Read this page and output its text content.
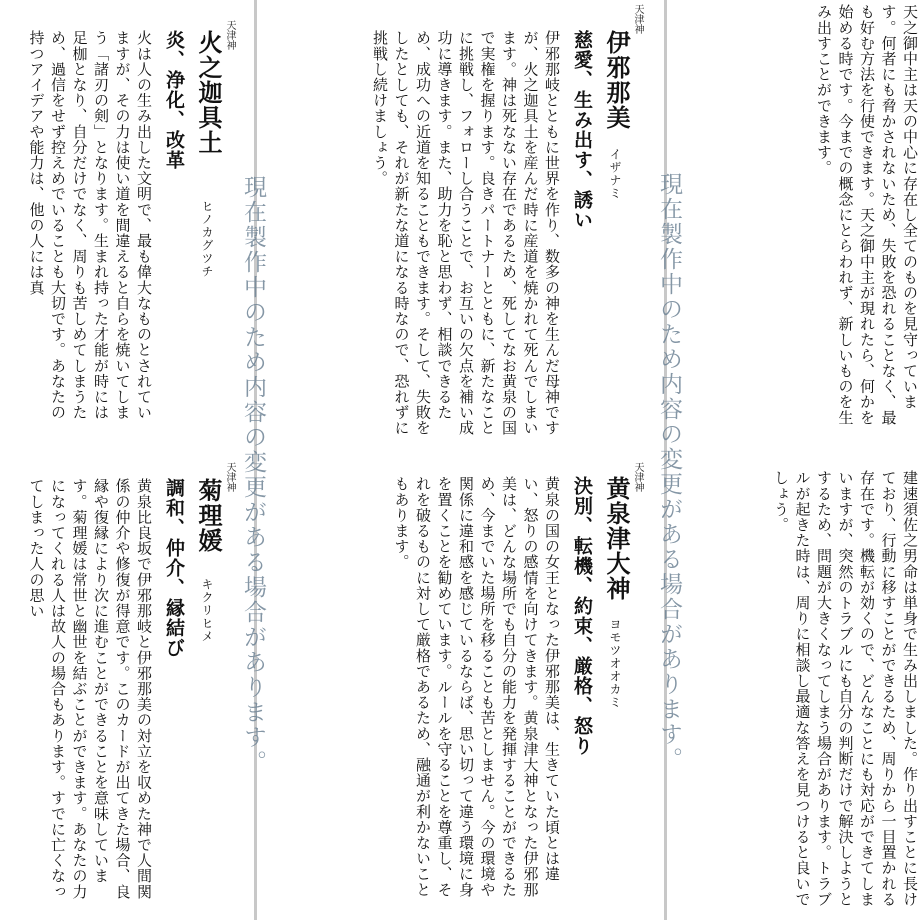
天之御中主は天の中心に存在し全てのものを見守っています。何者にも脅かされないため、失敗を恐れることなく、最も好む方法を行使できます。天之御中主が現れたら、何かを始める時です。今までの概念にとらわれず、新しいものを生み出すことができます。

建速須佐之男命は単身で生み出しました。作り出すことに長けており、行動に移すことができるため、周りから一目置かれる存在です。機転が効くので、どんなことにも対応ができてしまいますが、突然のトラブルにも自分の判断だけで解決しようとするため、問題が大きくなってしまう場合があります。トラブルが起きた時は、周りに相談し最適な答えを見つけると良いでしょう。

天津神
伊邪那美
イザナミ
慈愛、生み出す、誘い

伊邪那岐とともに世界を作り、数多の神を生んだ母神ですが、火之迦具土を産んだ時に産道を焼かれて死んでしまいます。神は死なない存在であるため、死してなお黄泉の国で実権を握ります。良きパートナーとともに、新たなことに挑戦し、フォローし合うことで、お互いの欠点を補い成功に導きます。また、助力を恥と思わず、相談できるため、成功への近道を知ることもできます。そして、失敗をしたとしても、それが新たな道になる時なので、恐れずに挑戦し続けましょう。

天津神
黄泉津大神
ヨモツオオカミ
決別、転機、約束、厳格、怒り

黄泉の国の女王となった伊邪那美は、生きていた頃とは違い、怒りの感情を向けてきます。黄泉津大神となった伊邪那美は、どんな場所でも自分の能力を発揮することができるため、今までいた場所を移ることも苦としません。今の環境や関係に違和感を感じているならば、思い切って違う環境に身を置くことを勧めています。ルールを守ることを尊重し、それを破るものに対して厳格であるため、融通が利かないこともあります。

天津神
火之迦具土
ヒノカグツチ
炎、浄化、改革

火は人の生み出した文明で、最も偉大なものとされていますが、その力は使い道を間違えると自らを焼いてしまう「諸刃の剣」となります。生まれ持った才能が時には足枷となり、自分だけでなく、周りも苦しめてしまうため、過信をせず控えめでいることも大切です。あなたの持つアイデアや能力は、他の人には真

天津神
菊理媛
キクリヒメ
調和、仲介、縁結び

黄泉比良坂で伊邪那岐と伊邪那美の対立を収めた神で人間関係の仲介や修復が得意です。このカードが出てきた場合、良縁や復縁により次に進むことができることを意味しています。菊理媛は常世と幽世を結ぶことができます。あなたの力になってくれる人は故人の場合もあります。すでに亡くなってしまった人の思い	現在製作中のため内容の変更がある場合があります。	現在製作中のため内容の変更がある場合があります。
